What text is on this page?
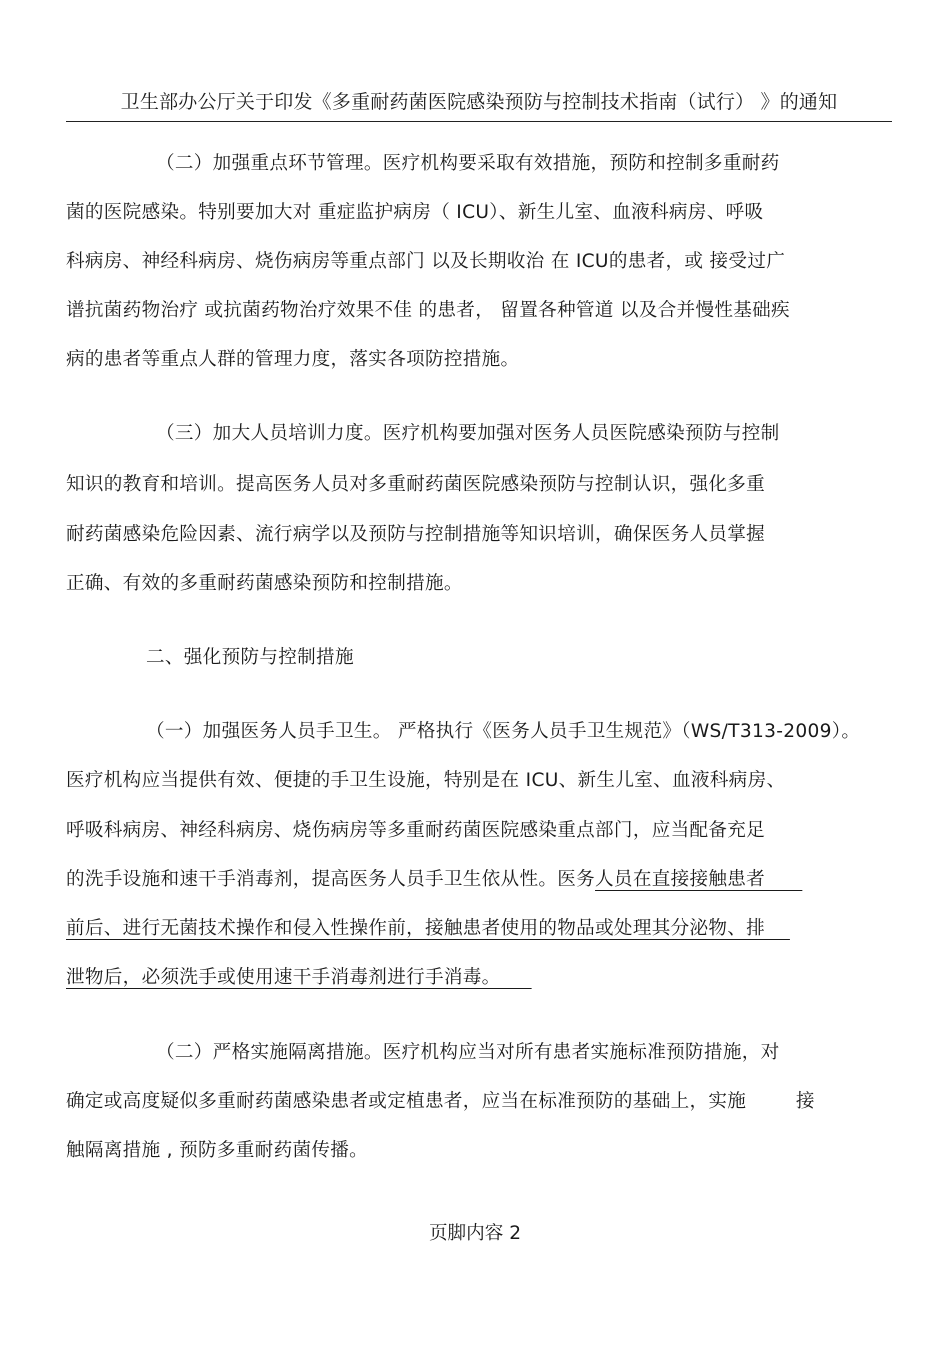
卫生部办公厅关于印发《多重耐药菌医院感染预防与控制技术指南（试行） 》的通知
（二）加强重点环节管理。医疗机构要采取有效措施，预防和控制多重耐药
菌的医院感染。特别要加大对 重症监护病房（ ICU）、新生儿室、血液科病房、呼吸
科病房、神经科病房、烧伤病房等重点部门 以及长期收治 在 ICU的患者，或 接受过广
谱抗菌药物治疗 或抗菌药物治疗效果不佳 的患者， 留置各种管道 以及合并慢性基础疾
病的患者等重点人群的管理力度，落实各项防控措施。
（三）加大人员培训力度。医疗机构要加强对医务人员医院感染预防与控制
知识的教育和培训。提高医务人员对多重耐药菌医院感染预防与控制认识，强化多重
耐药菌感染危险因素、流行病学以及预防与控制措施等知识培训，确保医务人员掌握
正确、有效的多重耐药菌感染预防和控制措施。
二、强化预防与控制措施
（一）加强医务人员手卫生。 严格执行《医务人员手卫生规范》（WS/T313-2009）。
医疗机构应当提供有效、便捷的手卫生设施，特别是在 ICU、新生儿室、血液科病房、
呼吸科病房、神经科病房、烧伤病房等多重耐药菌医院感染重点部门，应当配备充足
的洗手设施和速干手消毒剂，提高医务人员手卫生依从性。医务人员在直接接触患者
前后、进行无菌技术操作和侵入性操作前，接触患者使用的物品或处理其分泌物、排
泄物后，必须洗手或使用速干手消毒剂进行手消毒。
（二）严格实施隔离措施。医疗机构应当对所有患者实施标准预防措施，对
确定或高度疑似多重耐药菌感染患者或定植患者，应当在标准预防的基础上，实施        接
触隔离措施 , 预防多重耐药菌传播。
页脚内容 2
